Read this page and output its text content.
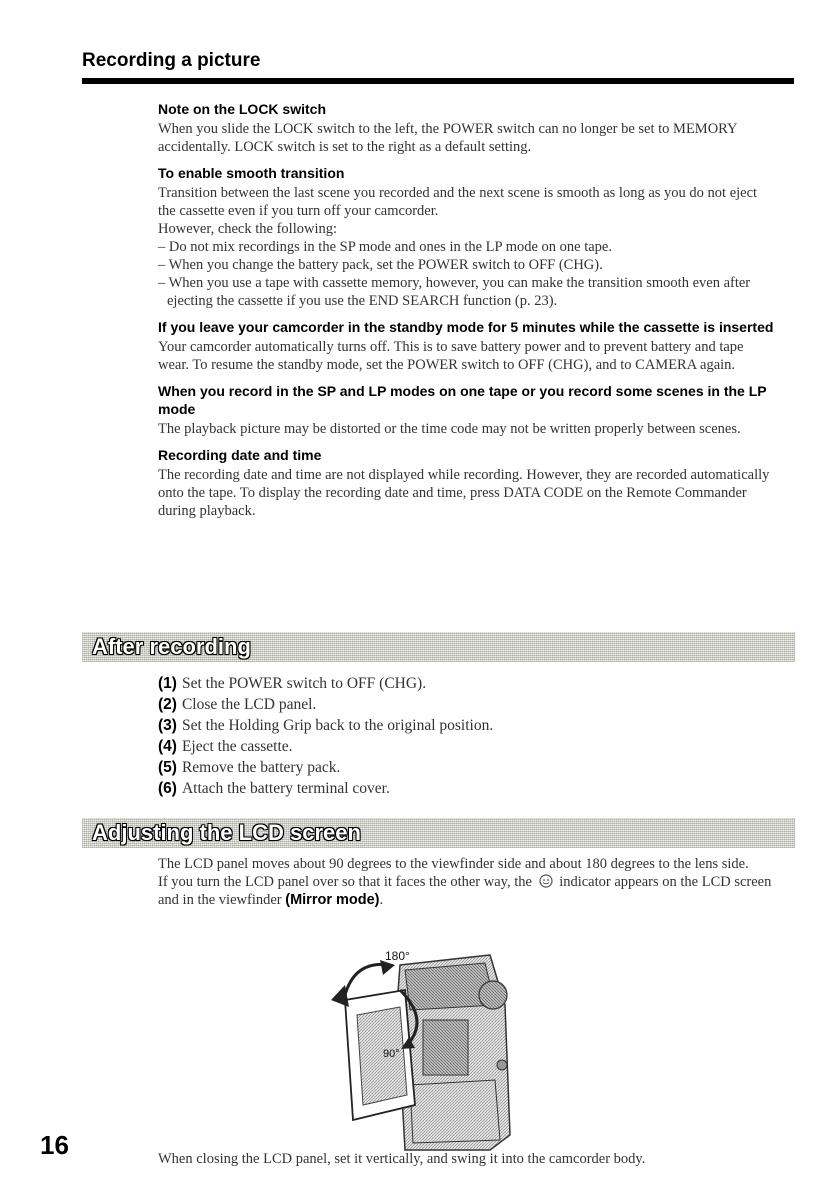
Recording a picture

Note on the LOCK switch

When you slide the LOCK switch to the left, the POWER switch can no longer be set to MEMORY accidentally. LOCK switch is set to the right as a default setting.

To enable smooth transition

Transition between the last scene you recorded and the next scene is smooth as long as you do not eject the cassette even if you turn off your camcorder.

However, check the following:

– Do not mix recordings in the SP mode and ones in the LP mode on one tape.
– When you change the battery pack, set the POWER switch to OFF (CHG).
– When you use a tape with cassette memory, however, you can make the transition smooth even after ejecting the cassette if you use the END SEARCH function (p. 23).

If you leave your camcorder in the standby mode for 5 minutes while the cassette is inserted

Your camcorder automatically turns off. This is to save battery power and to prevent battery and tape wear. To resume the standby mode, set the POWER switch to OFF (CHG), and to CAMERA again.

When you record in the SP and LP modes on one tape or you record some scenes in the LP mode

The playback picture may be distorted or the time code may not be written properly between scenes.

Recording date and time

The recording date and time are not displayed while recording. However, they are recorded automatically onto the tape. To display the recording date and time, press DATA CODE on the Remote Commander during playback.

After recording
(1) Set the POWER switch to OFF (CHG).
(2) Close the LCD panel.
(3) Set the Holding Grip back to the original position.
(4) Eject the cassette.
(5) Remove the battery pack.
(6) Attach the battery terminal cover.
Adjusting the LCD screen

The LCD panel moves about 90 degrees to the viewfinder side and about 180 degrees to the lens side.

If you turn the LCD panel over so that it faces the other way, the indicator appears on the LCD screen and in the viewfinder (Mirror mode).

180°
90°

When closing the LCD panel, set it vertically, and swing it into the camcorder body.

16
